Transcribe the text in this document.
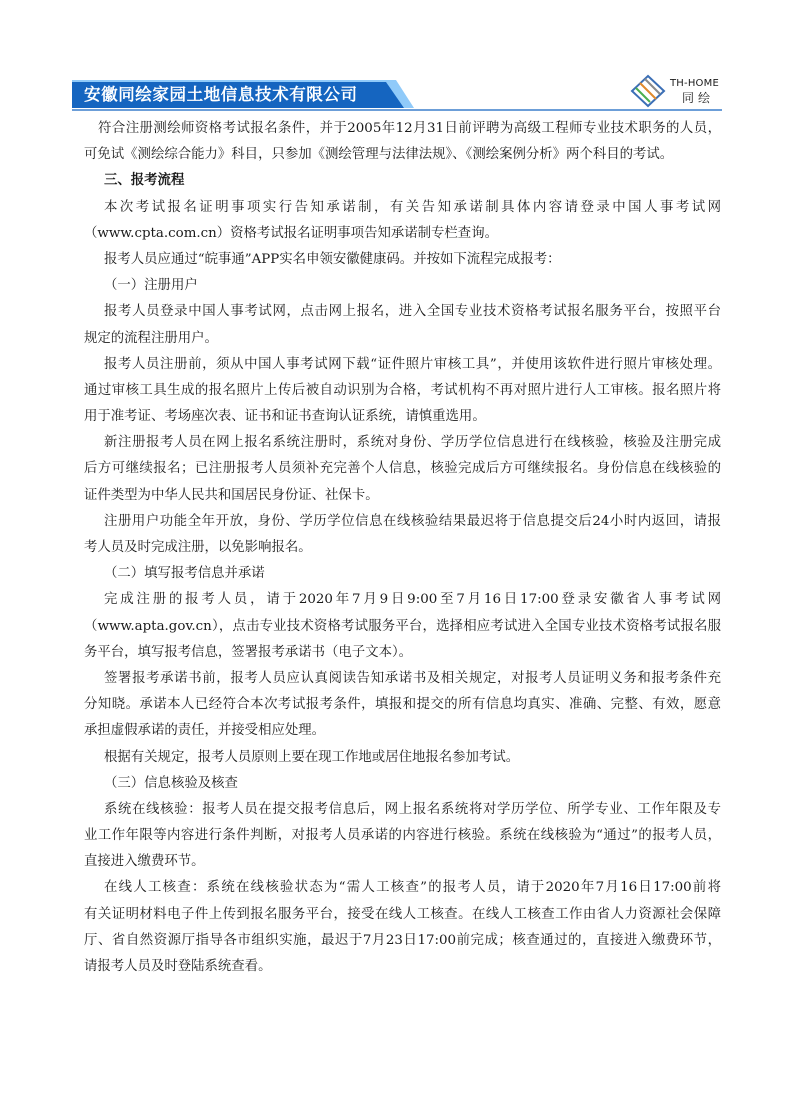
安徽同绘家园土地信息技术有限公司
TH-HOME
同绘
符合注册测绘师资格考试报名条件，并于2005年12月31日前评聘为高级工程师专业技术职务的人员，
可免试《测绘综合能力》科目，只参加《测绘管理与法律法规》、《测绘案例分析》两个科目的考试。
三、报考流程
本次考试报名证明事项实行告知承诺制，有关告知承诺制具体内容请登录中国人事考试网
（www.cpta.com.cn）资格考试报名证明事项告知承诺制专栏查询。
报考人员应通过“皖事通”APP实名申领安徽健康码。并按如下流程完成报考：
（一）注册用户
报考人员登录中国人事考试网，点击网上报名，进入全国专业技术资格考试报名服务平台，按照平台
规定的流程注册用户。
报考人员注册前，须从中国人事考试网下载“证件照片审核工具”，并使用该软件进行照片审核处理。
通过审核工具生成的报名照片上传后被自动识别为合格，考试机构不再对照片进行人工审核。报名照片将
用于准考证、考场座次表、证书和证书查询认证系统，请慎重选用。
新注册报考人员在网上报名系统注册时，系统对身份、学历学位信息进行在线核验，核验及注册完成
后方可继续报名；已注册报考人员须补充完善个人信息，核验完成后方可继续报名。身份信息在线核验的
证件类型为中华人民共和国居民身份证、社保卡。
注册用户功能全年开放，身份、学历学位信息在线核验结果最迟将于信息提交后24小时内返回，请报
考人员及时完成注册，以免影响报名。
（二）填写报考信息并承诺
完成注册的报考人员，请于2020年7月9日9:00至7月16日17:00登录安徽省人事考试网
（www.apta.gov.cn），点击专业技术资格考试服务平台，选择相应考试进入全国专业技术资格考试报名服
务平台，填写报考信息，签署报考承诺书（电子文本）。
签署报考承诺书前，报考人员应认真阅读告知承诺书及相关规定，对报考人员证明义务和报考条件充
分知晓。承诺本人已经符合本次考试报考条件，填报和提交的所有信息均真实、准确、完整、有效，愿意
承担虚假承诺的责任，并接受相应处理。
根据有关规定，报考人员原则上要在现工作地或居住地报名参加考试。
（三）信息核验及核查
系统在线核验：报考人员在提交报考信息后，网上报名系统将对学历学位、所学专业、工作年限及专
业工作年限等内容进行条件判断，对报考人员承诺的内容进行核验。系统在线核验为“通过”的报考人员，
直接进入缴费环节。
在线人工核查：系统在线核验状态为“需人工核查”的报考人员，请于2020年7月16日17:00前将
有关证明材料电子件上传到报名服务平台，接受在线人工核查。在线人工核查工作由省人力资源社会保障
厅、省自然资源厅指导各市组织实施，最迟于7月23日17:00前完成；核查通过的，直接进入缴费环节，
请报考人员及时登陆系统查看。
